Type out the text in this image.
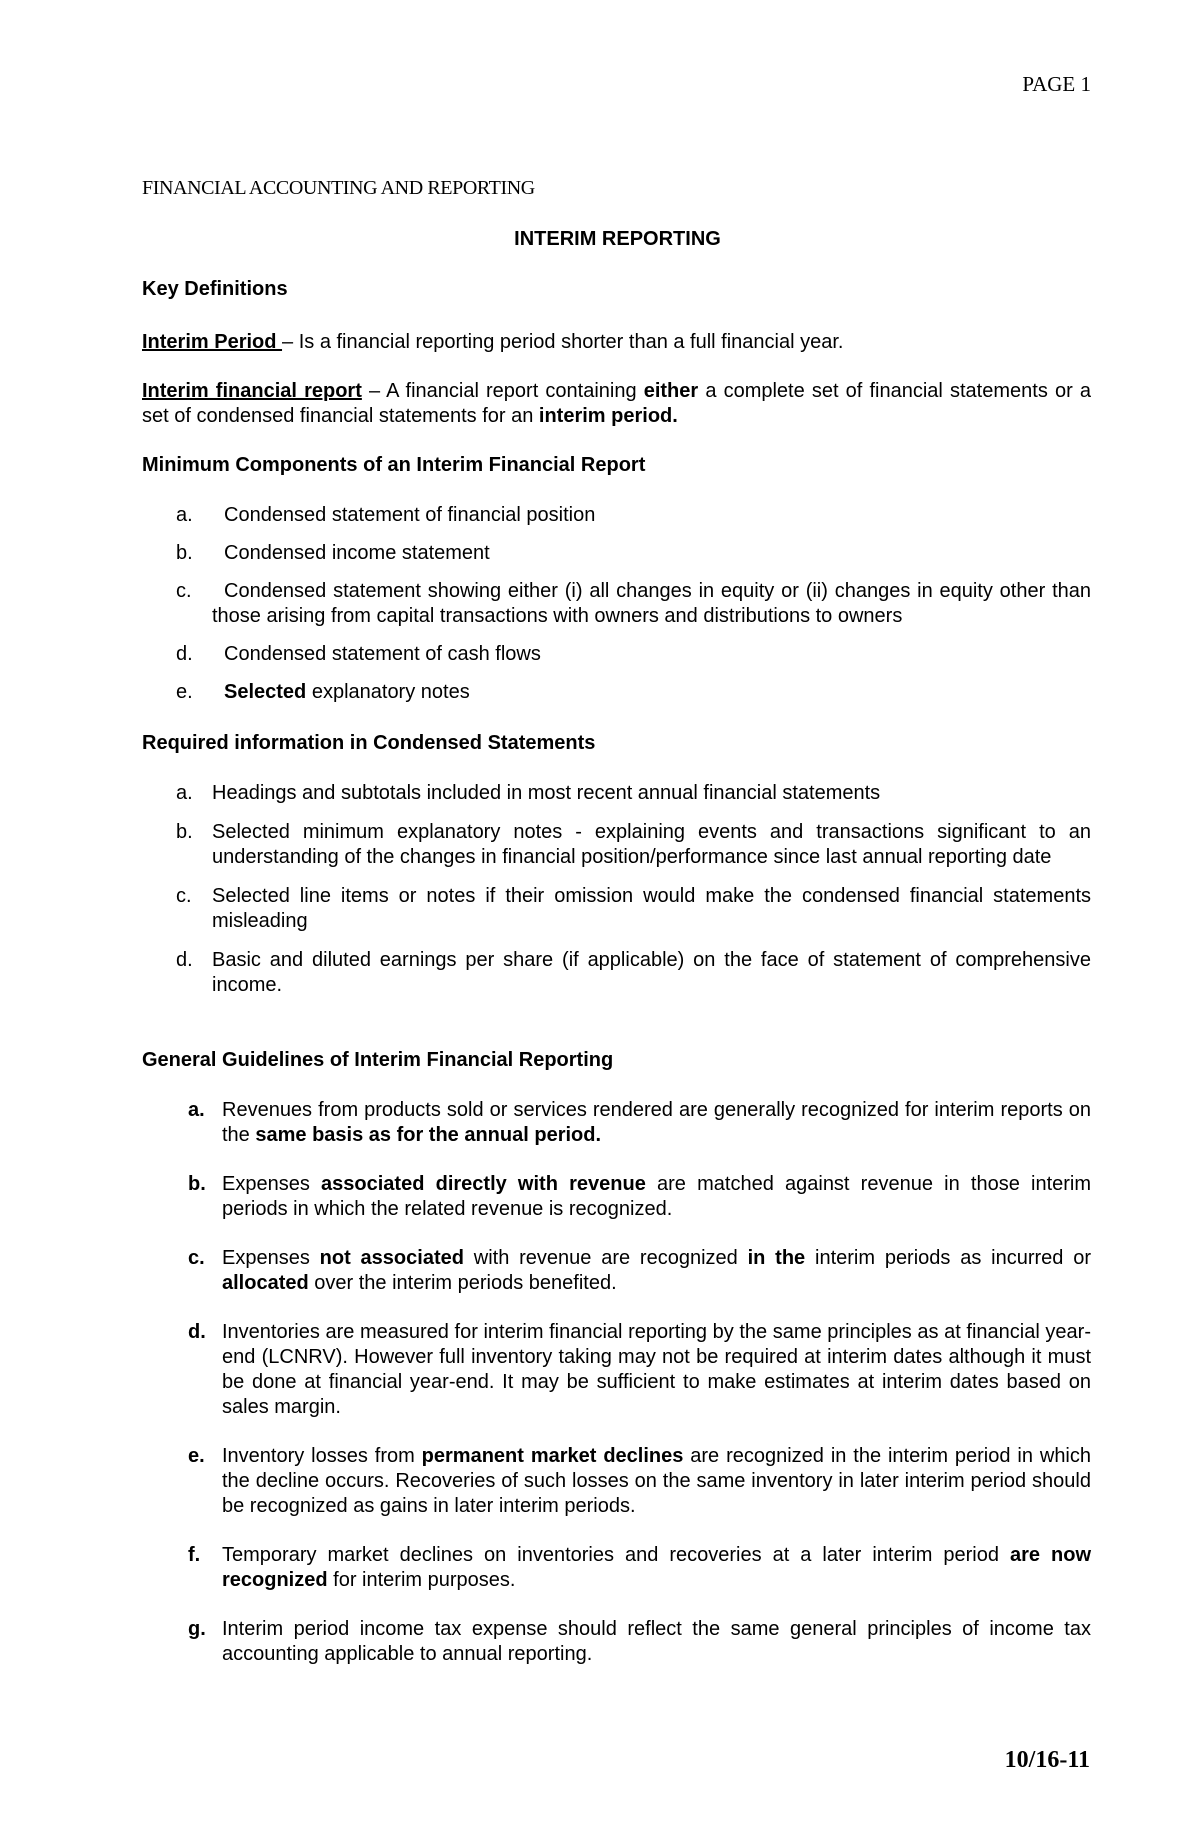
PAGE 1
FINANCIAL ACCOUNTING AND REPORTING
INTERIM REPORTING
Key Definitions

Interim Period – Is a financial reporting period shorter than a full financial year.

Interim financial report – A financial report containing either a complete set of financial statements or a set of condensed financial statements for an interim period.

Minimum Components of an Interim Financial Report
a. Condensed statement of financial position
b. Condensed income statement
c. Condensed statement showing either (i) all changes in equity or (ii) changes in equity other than those arising from capital transactions with owners and distributions to owners
d. Condensed statement of cash flows
e. Selected explanatory notes
Required information in Condensed Statements
a. Headings and subtotals included in most recent annual financial statements
b. Selected minimum explanatory notes - explaining events and transactions significant to an understanding of the changes in financial position/performance since last annual reporting date
c. Selected line items or notes if their omission would make the condensed financial statements misleading
d. Basic and diluted earnings per share (if applicable) on the face of statement of comprehensive income.
General Guidelines of Interim Financial Reporting
a. Revenues from products sold or services rendered are generally recognized for interim reports on the same basis as for the annual period.
b. Expenses associated directly with revenue are matched against revenue in those interim periods in which the related revenue is recognized.
c. Expenses not associated with revenue are recognized in the interim periods as incurred or allocated over the interim periods benefited.
d. Inventories are measured for interim financial reporting by the same principles as at financial year-end (LCNRV). However full inventory taking may not be required at interim dates although it must be done at financial year-end. It may be sufficient to make estimates at interim dates based on sales margin.
e. Inventory losses from permanent market declines are recognized in the interim period in which the decline occurs. Recoveries of such losses on the same inventory in later interim period should be recognized as gains in later interim periods.
f. Temporary market declines on inventories and recoveries at a later interim period are now recognized for interim purposes.
g. Interim period income tax expense should reflect the same general principles of income tax accounting applicable to annual reporting.
10/16-11
